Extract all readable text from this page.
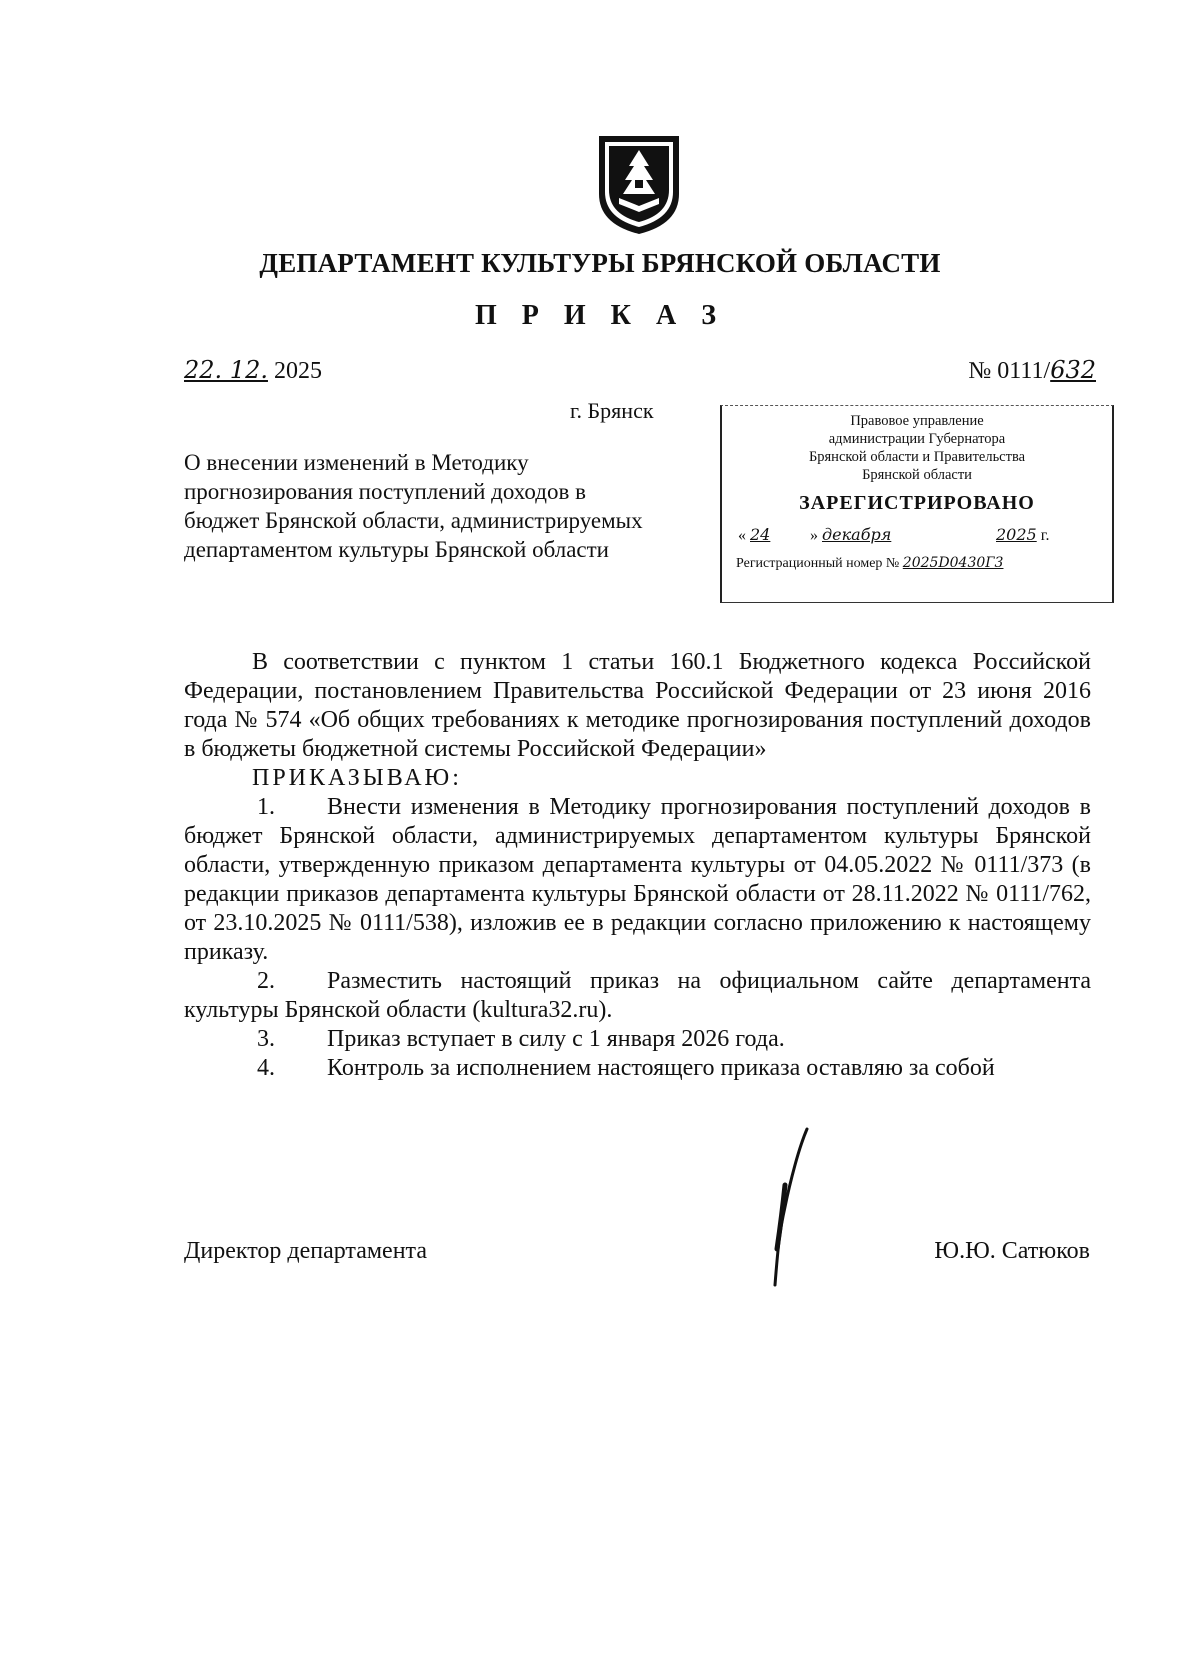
ДЕПАРТАМЕНТ КУЛЬТУРЫ БРЯНСКОЙ ОБЛАСТИ
П Р И К А З
22. 12. 2025	№ 0111/632
г. Брянск
О внесении изменений в Методику прогнозирования поступлений доходов в бюджет Брянской области, администрируемых департаментом культуры Брянской области
Правовое управление
администрации Губернатора
Брянской области и Правительства
Брянской области
ЗАРЕГИСТРИРОВАНО
« 24 » декабря	2025 г.
Регистрационный номер № 2025D0430Г3

В соответствии с пунктом 1 статьи 160.1 Бюджетного кодекса Российской Федерации, постановлением Правительства Российской Федерации от 23 июня 2016 года № 574 «Об общих требованиях к методике прогнозирования поступлений доходов в бюджеты бюджетной системы Российской Федерации»

ПРИКАЗЫВАЮ:

1. Внести изменения в Методику прогнозирования поступлений доходов в бюджет Брянской области, администрируемых департаментом культуры Брянской области, утвержденную приказом департамента культуры от 04.05.2022 № 0111/373 (в редакции приказов департамента культуры Брянской области от 28.11.2022 № 0111/762, от 23.10.2025 № 0111/538), изложив ее в редакции согласно приложению к настоящему приказу.

2. Разместить настоящий приказ на официальном сайте департамента культуры Брянской области (kultura32.ru).

3. Приказ вступает в силу с 1 января 2026 года.

4. Контроль за исполнением настоящего приказа оставляю за собой

Директор департамента	Ю.Ю. Сатюков
